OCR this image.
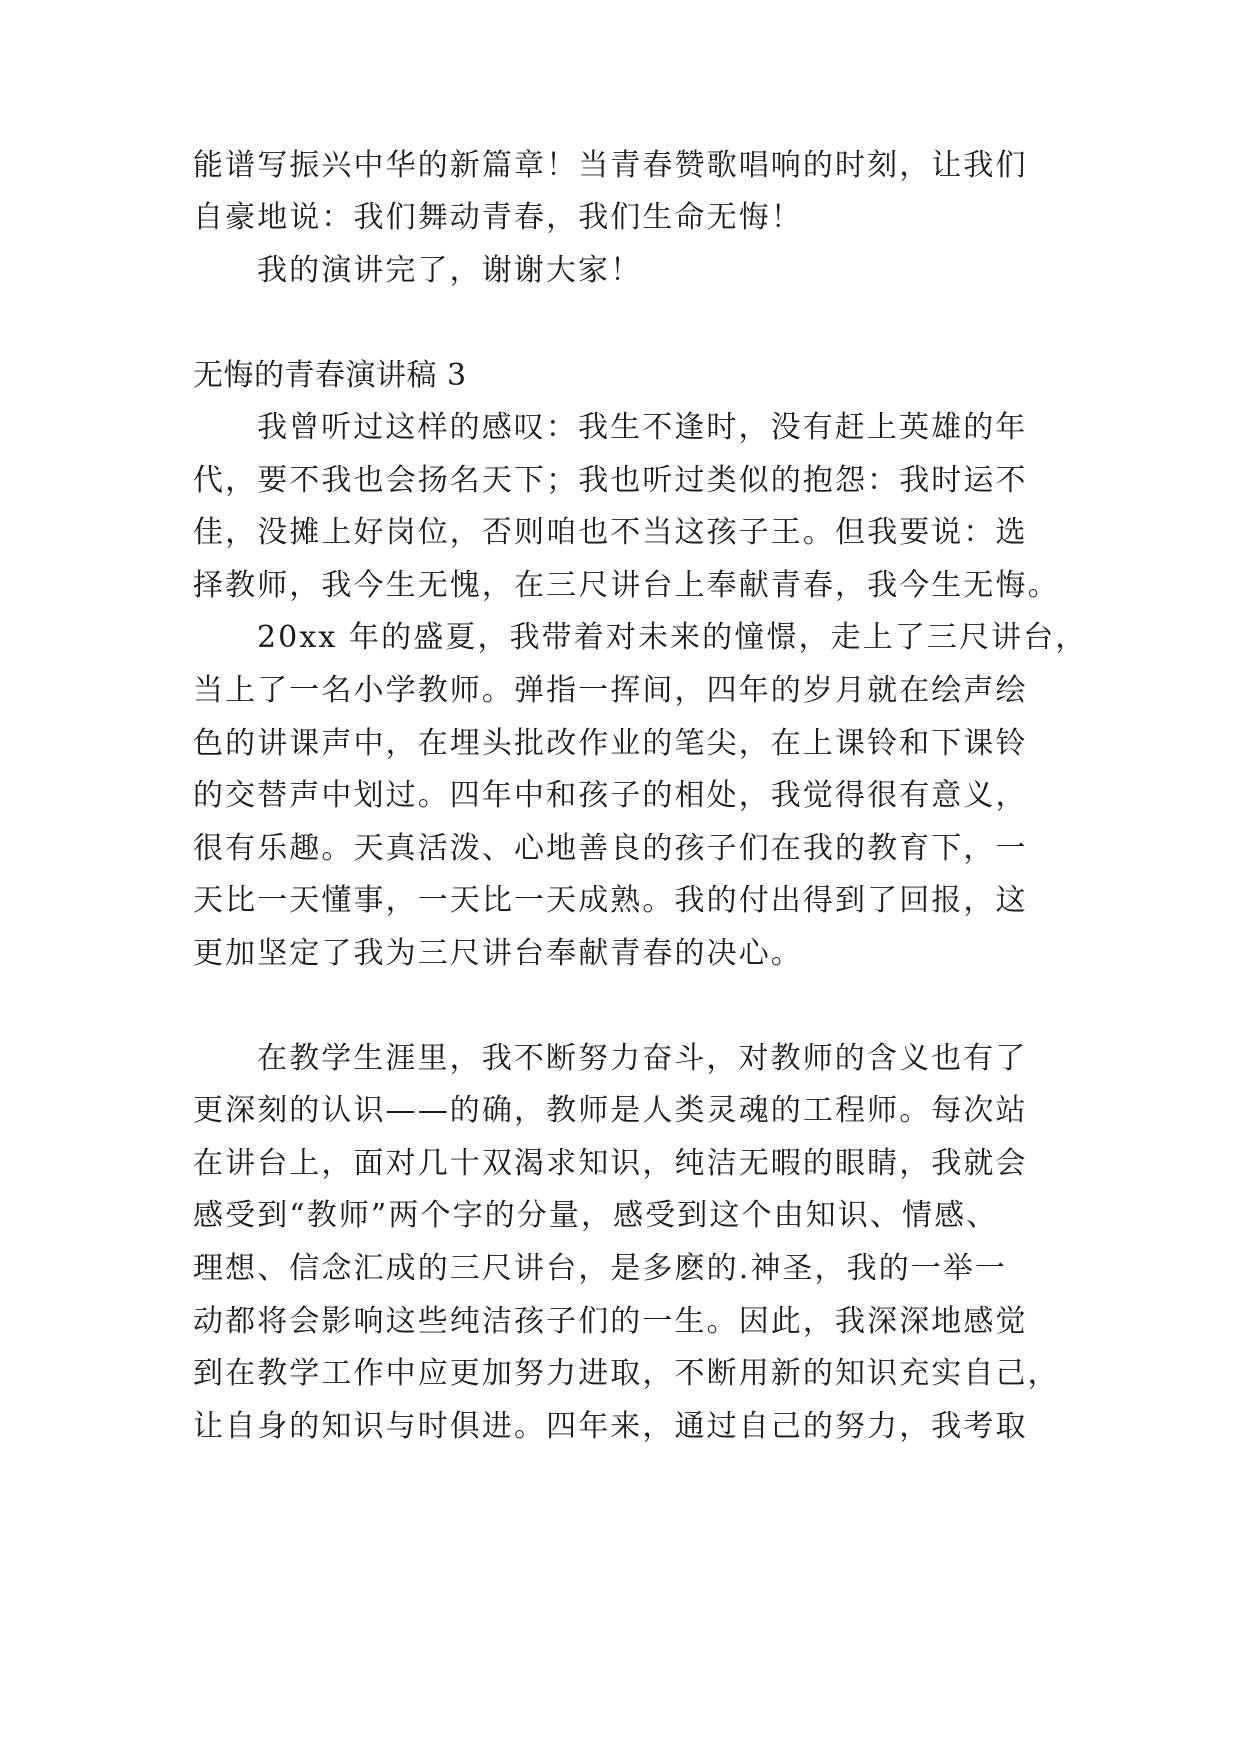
能谱写振兴中华的新篇章！当青春赞歌唱响的时刻，让我们
自豪地说：我们舞动青春，我们生命无悔！
我的演讲完了，谢谢大家！
无悔的青春演讲稿 3
我曾听过这样的感叹：我生不逢时，没有赶上英雄的年
代，要不我也会扬名天下；我也听过类似的抱怨：我时运不
佳，没摊上好岗位，否则咱也不当这孩子王。但我要说：选
择教师，我今生无愧，在三尺讲台上奉献青春，我今生无悔。
20xx 年的盛夏，我带着对未来的憧憬，走上了三尺讲台，
当上了一名小学教师。弹指一挥间，四年的岁月就在绘声绘
色的讲课声中，在埋头批改作业的笔尖，在上课铃和下课铃
的交替声中划过。四年中和孩子的相处，我觉得很有意义，
很有乐趣。天真活泼、心地善良的孩子们在我的教育下，一
天比一天懂事，一天比一天成熟。我的付出得到了回报，这
更加坚定了我为三尺讲台奉献青春的决心。
在教学生涯里，我不断努力奋斗，对教师的含义也有了
更深刻的认识——的确，教师是人类灵魂的工程师。每次站
在讲台上，面对几十双渴求知识，纯洁无暇的眼睛，我就会
感受到“教师”两个字的分量，感受到这个由知识、情感、
理想、信念汇成的三尺讲台，是多麽的.神圣，我的一举一
动都将会影响这些纯洁孩子们的一生。因此，我深深地感觉
到在教学工作中应更加努力进取，不断用新的知识充实自己，
让自身的知识与时俱进。四年来，通过自己的努力，我考取
